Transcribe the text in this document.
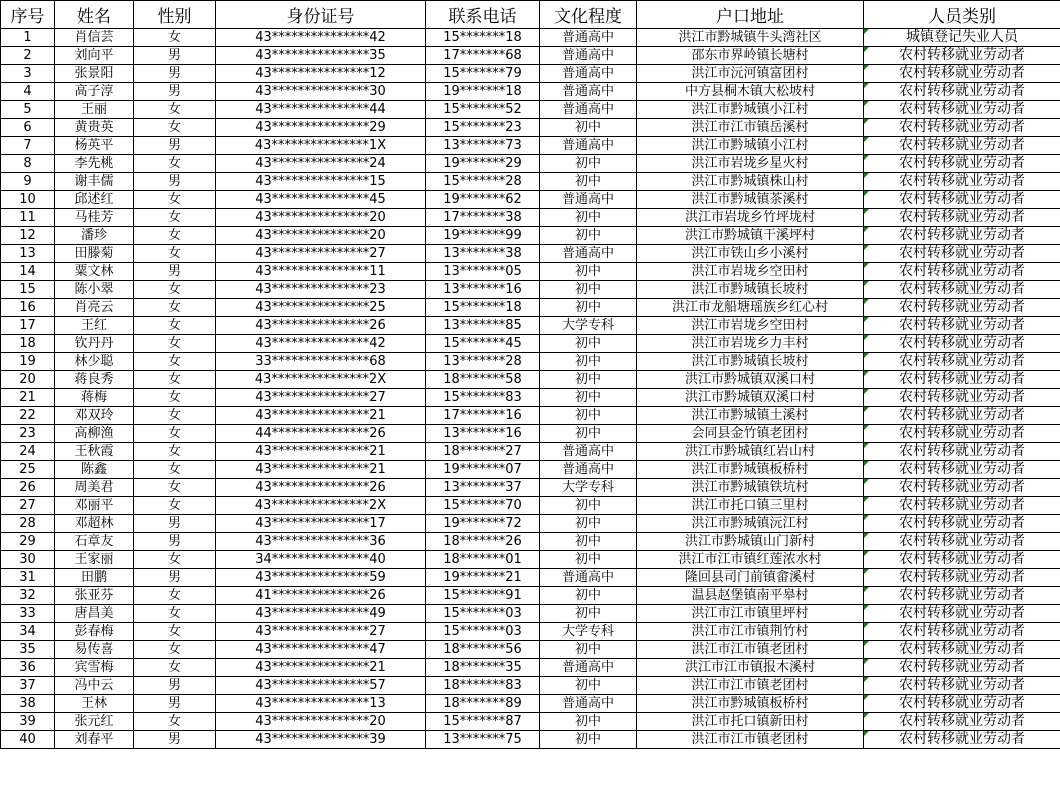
序号	姓名	性别	身份证号	联系电话	文化程度	户口地址	人员类别
1	肖信芸	女	43***************42	15*******18	普通高中	洪江市黔城镇牛头湾社区	城镇登记失业人员
2	刘向平	男	43***************35	17*******68	普通高中	邵东市界岭镇长塘村	农村转移就业劳动者
3	张景阳	男	43***************12	15*******79	普通高中	洪江市沅河镇富团村	农村转移就业劳动者
4	高子淳	男	43***************30	19*******18	普通高中	中方县桐木镇大松坡村	农村转移就业劳动者
5	王丽	女	43***************44	15*******52	普通高中	洪江市黔城镇小江村	农村转移就业劳动者
6	黄贵英	女	43***************29	15*******23	初中	洪江市江市镇岳溪村	农村转移就业劳动者
7	杨英平	男	43***************1X	13*******73	普通高中	洪江市黔城镇小江村	农村转移就业劳动者
8	李先桃	女	43***************24	19*******29	初中	洪江市岩垅乡星火村	农村转移就业劳动者
9	谢丰儒	男	43***************15	15*******28	初中	洪江市黔城镇株山村	农村转移就业劳动者
10	邱述红	女	43***************45	19*******62	普通高中	洪江市黔城镇茶溪村	农村转移就业劳动者
11	马桂芳	女	43***************20	17*******38	初中	洪江市岩垅乡竹坪垅村	农村转移就业劳动者
12	潘珍	女	43***************20	19*******99	初中	洪江市黔城镇干溪坪村	农村转移就业劳动者
13	田滕菊	女	43***************27	13*******38	普通高中	洪江市铁山乡小溪村	农村转移就业劳动者
14	粟文林	男	43***************11	13*******05	初中	洪江市岩垅乡空田村	农村转移就业劳动者
15	陈小翠	女	43***************23	13*******16	初中	洪江市黔城镇长坡村	农村转移就业劳动者
16	肖亮云	女	43***************25	15*******18	初中	洪江市龙船塘瑶族乡红心村	农村转移就业劳动者
17	王红	女	43***************26	13*******85	大学专科	洪江市岩垅乡空田村	农村转移就业劳动者
18	钦丹丹	女	43***************42	15*******45	初中	洪江市岩垅乡力丰村	农村转移就业劳动者
19	林少聪	女	33***************68	13*******28	初中	洪江市黔城镇长坡村	农村转移就业劳动者
20	蒋良秀	女	43***************2X	18*******58	初中	洪江市黔城镇双溪口村	农村转移就业劳动者
21	蒋梅	女	43***************27	15*******83	初中	洪江市黔城镇双溪口村	农村转移就业劳动者
22	邓双玲	女	43***************21	17*******16	初中	洪江市黔城镇土溪村	农村转移就业劳动者
23	高柳渔	女	44***************26	13*******16	初中	会同县金竹镇老团村	农村转移就业劳动者
24	王秋霞	女	43***************21	18*******27	普通高中	洪江市黔城镇红岩山村	农村转移就业劳动者
25	陈鑫	女	43***************21	19*******07	普通高中	洪江市黔城镇板桥村	农村转移就业劳动者
26	周美君	女	43***************26	13*******37	大学专科	洪江市黔城镇铁坑村	农村转移就业劳动者
27	邓丽平	女	43***************2X	15*******70	初中	洪江市托口镇三里村	农村转移就业劳动者
28	邓超林	男	43***************17	19*******72	初中	洪江市黔城镇沅江村	农村转移就业劳动者
29	石章友	男	43***************36	18*******26	初中	洪江市黔城镇山门新村	农村转移就业劳动者
30	王家丽	女	34***************40	18*******01	初中	洪江市江市镇红莲浓水村	农村转移就业劳动者
31	田鹏	男	43***************59	19*******21	普通高中	隆回县司门前镇畲溪村	农村转移就业劳动者
32	张亚芬	女	41***************26	15*******91	初中	温县赵堡镇南平皋村	农村转移就业劳动者
33	唐昌美	女	43***************49	15*******03	初中	洪江市江市镇里坪村	农村转移就业劳动者
34	彭春梅	女	43***************27	15*******03	大学专科	洪江市江市镇荆竹村	农村转移就业劳动者
35	易传喜	女	43***************47	18*******56	初中	洪江市江市镇老团村	农村转移就业劳动者
36	宾雪梅	女	43***************21	18*******35	普通高中	洪江市江市镇报木溪村	农村转移就业劳动者
37	冯中云	男	43***************57	18*******83	初中	洪江市江市镇老团村	农村转移就业劳动者
38	王林	男	43***************13	18*******89	普通高中	洪江市黔城镇板桥村	农村转移就业劳动者
39	张元红	女	43***************20	15*******87	初中	洪江市托口镇新田村	农村转移就业劳动者
40	刘春平	男	43***************39	13*******75	初中	洪江市江市镇老团村	农村转移就业劳动者
